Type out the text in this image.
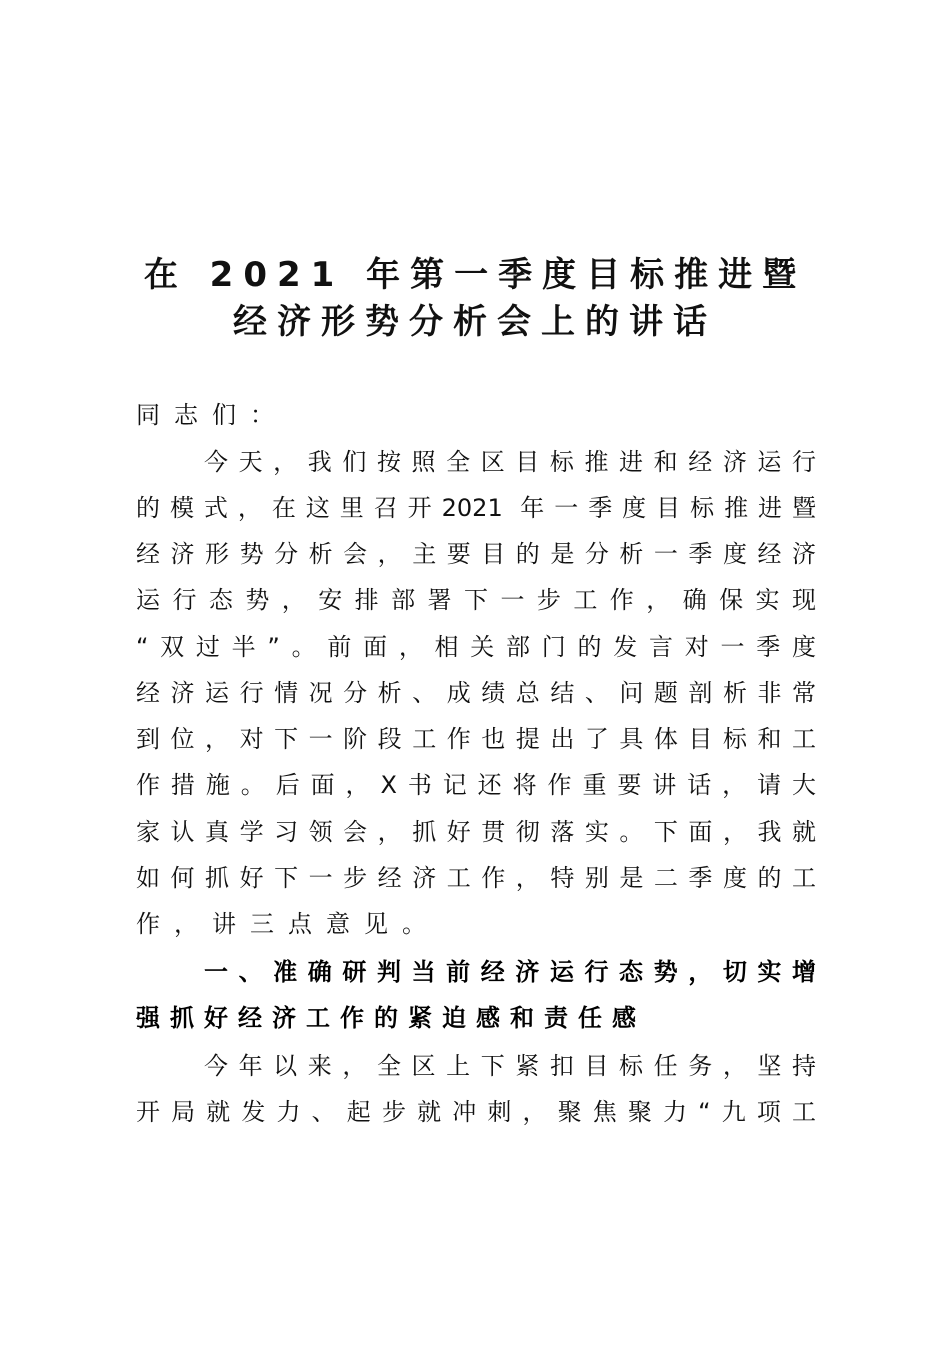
在 2021 年第一季度目标推进暨
经济形势分析会上的讲话
同志们：
今天，我们按照全区目标推进和经济运行
的模式，在这里召开2021 年一季度目标推进暨
经济形势分析会，主要目的是分析一季度经济
运行态势，安排部署下一步工作，确保实现
“双过半”。前面，相关部门的发言对一季度
经济运行情况分析、成绩总结、问题剖析非常
到位，对下一阶段工作也提出了具体目标和工
作措施。后面，X书记还将作重要讲话，请大
家认真学习领会，抓好贯彻落实。下面，我就
如何抓好下一步经济工作，特别是二季度的工
作，讲三点意见。
一、准确研判当前经济运行态势，切实增
强抓好经济工作的紧迫感和责任感
今年以来，全区上下紧扣目标任务，坚持
开局就发力、起步就冲刺，聚焦聚力“九项工
